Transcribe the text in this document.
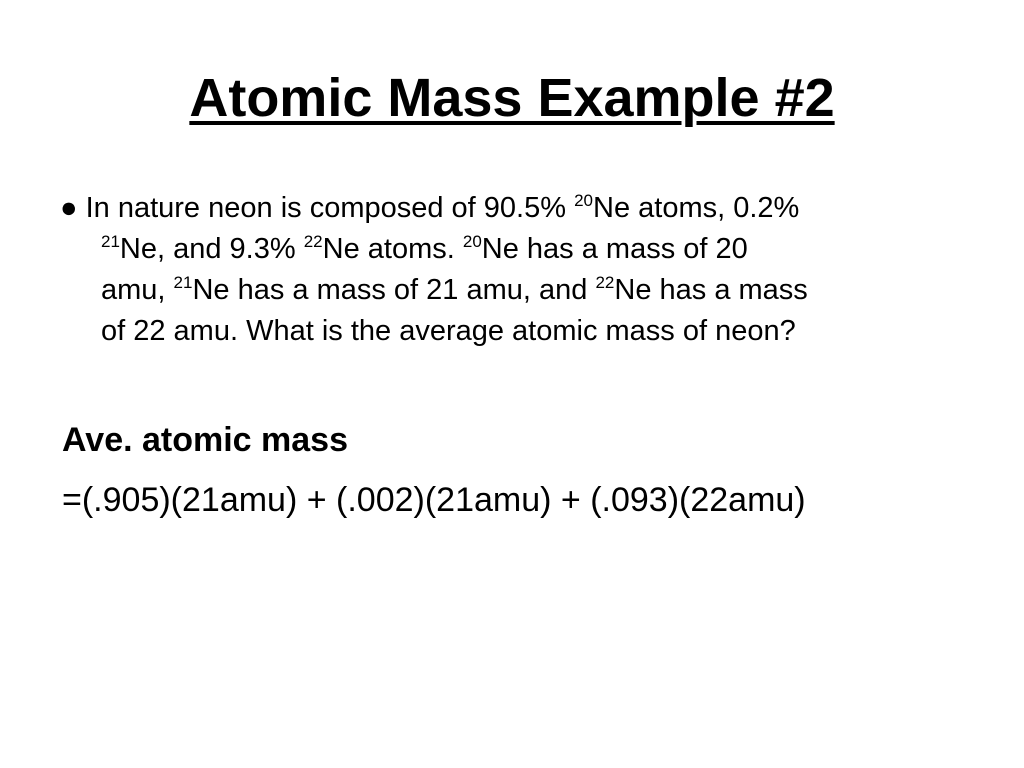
Atomic Mass Example #2
● In nature neon is composed of 90.5% $^{20}$Ne atoms, 0.2%
$^{21}$Ne, and 9.3% $^{22}$Ne atoms. $^{20}$Ne has a mass of 20
amu, $^{21}$Ne has a mass of 21 amu, and $^{22}$Ne has a mass
of 22 amu. What is the average atomic mass of neon?
Ave. atomic mass
=(.905)(21amu) + (.002)(21amu) + (.093)(22amu)
